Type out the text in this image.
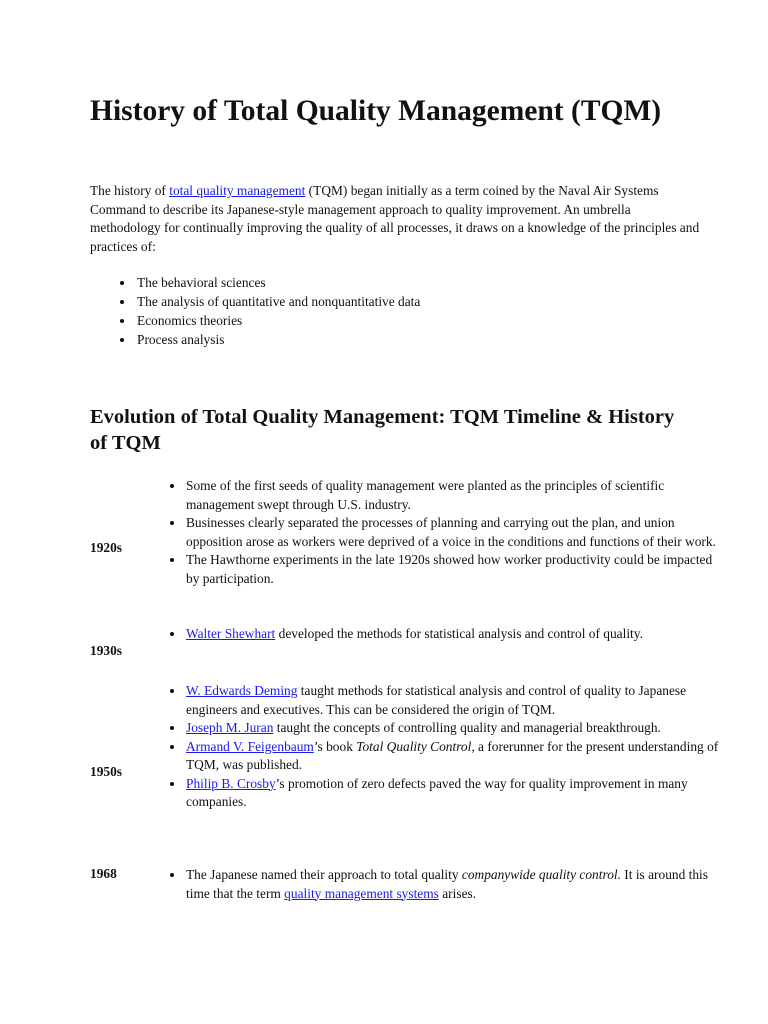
History of Total Quality Management (TQM)

The history of total quality management (TQM) began initially as a term coined by the Naval Air Systems Command to describe its Japanese-style management approach to quality improvement. An umbrella methodology for continually improving the quality of all processes, it draws on a knowledge of the principles and practices of:

• The behavioral sciences
• The analysis of quantitative and nonquantitative data
• Economics theories
• Process analysis
Evolution of Total Quality Management: TQM Timeline & History of TQM
1920s
• Some of the first seeds of quality management were planted as the principles of scientific management swept through U.S. industry.
• Businesses clearly separated the processes of planning and carrying out the plan, and union opposition arose as workers were deprived of a voice in the conditions and functions of their work.
• The Hawthorne experiments in the late 1920s showed how worker productivity could be impacted by participation.
1930s
• Walter Shewhart developed the methods for statistical analysis and control of quality.
1950s
• W. Edwards Deming taught methods for statistical analysis and control of quality to Japanese engineers and executives. This can be considered the origin of TQM.
• Joseph M. Juran taught the concepts of controlling quality and managerial breakthrough.
• Armand V. Feigenbaum’s book Total Quality Control, a forerunner for the present understanding of TQM, was published.
• Philip B. Crosby’s promotion of zero defects paved the way for quality improvement in many companies.
1968
•	The Japanese named their approach to total quality companywide quality control. It is around this time that the term quality management systems arises.
